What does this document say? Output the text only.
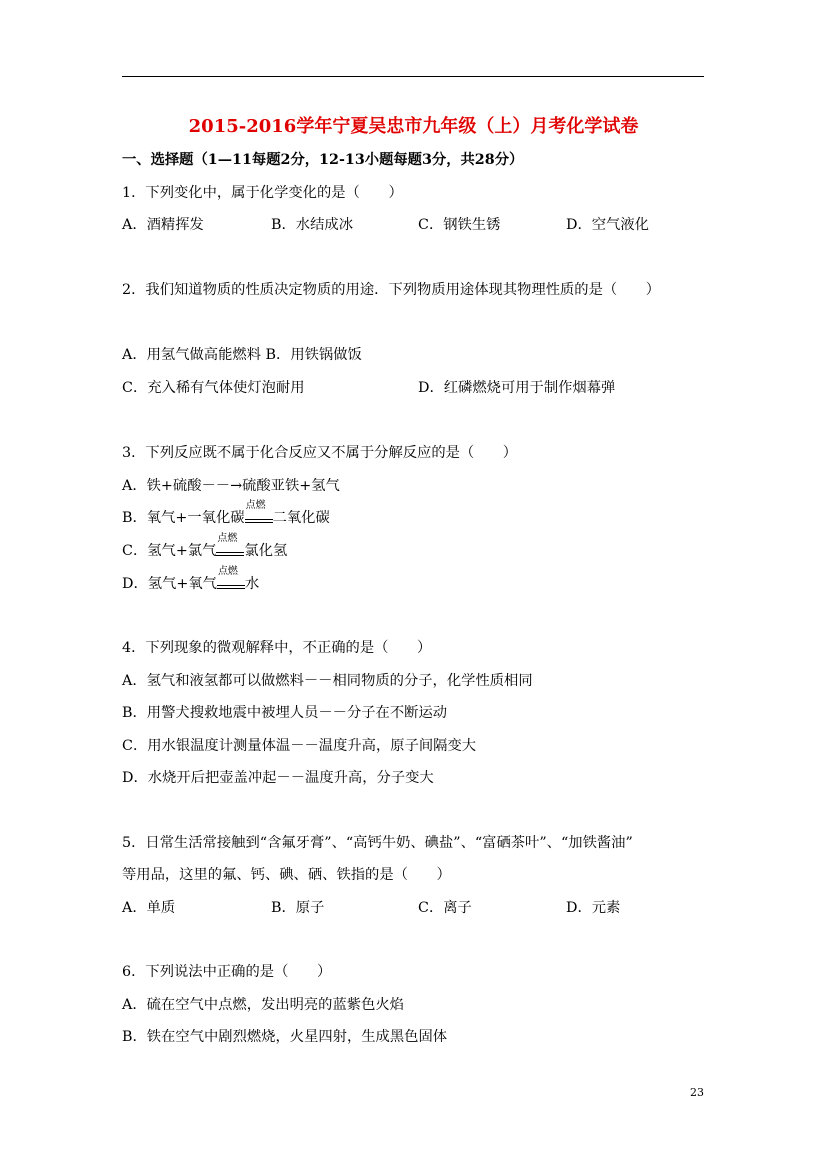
2015-2016学年宁夏吴忠市九年级（上）月考化学试卷
一、选择题（1—11每题2分，12-13小题每题3分，共28分）
1．下列变化中，属于化学变化的是（　　）
A．酒精挥发	B．水结成冰	C．钢铁生锈	D．空气液化
2．我们知道物质的性质决定物质的用途．下列物质用途体现其物理性质的是（　　）
A．用氢气做高能燃料 B．用铁锅做饭
C．充入稀有气体使灯泡耐用	D．红磷燃烧可用于制作烟幕弹
3．下列反应既不属于化合反应又不属于分解反应的是（　　）
A．铁+硫酸－－→硫酸亚铁+氢气
B．氧气+一氧化碳
点燃
二氧化碳
C．氢气+氯气
点燃
氯化氢
D．氢气+氧气
点燃
水
4．下列现象的微观解释中，不正确的是（　　）
A．氢气和液氢都可以做燃料－－相同物质的分子，化学性质相同
B．用警犬搜救地震中被埋人员－－分子在不断运动
C．用水银温度计测量体温－－温度升高，原子间隔变大
D．水烧开后把壶盖冲起－－温度升高，分子变大
5．日常生活常接触到“含氟牙膏”、“高钙牛奶、碘盐”、“富硒茶叶”、“加铁酱油”
等用品，这里的氟、钙、碘、硒、铁指的是（　　）
A．单质	B．原子	C．离子	D．元素
6．下列说法中正确的是（　　）
A．硫在空气中点燃，发出明亮的蓝紫色火焰
B．铁在空气中剧烈燃烧，火星四射，生成黑色固体
23
